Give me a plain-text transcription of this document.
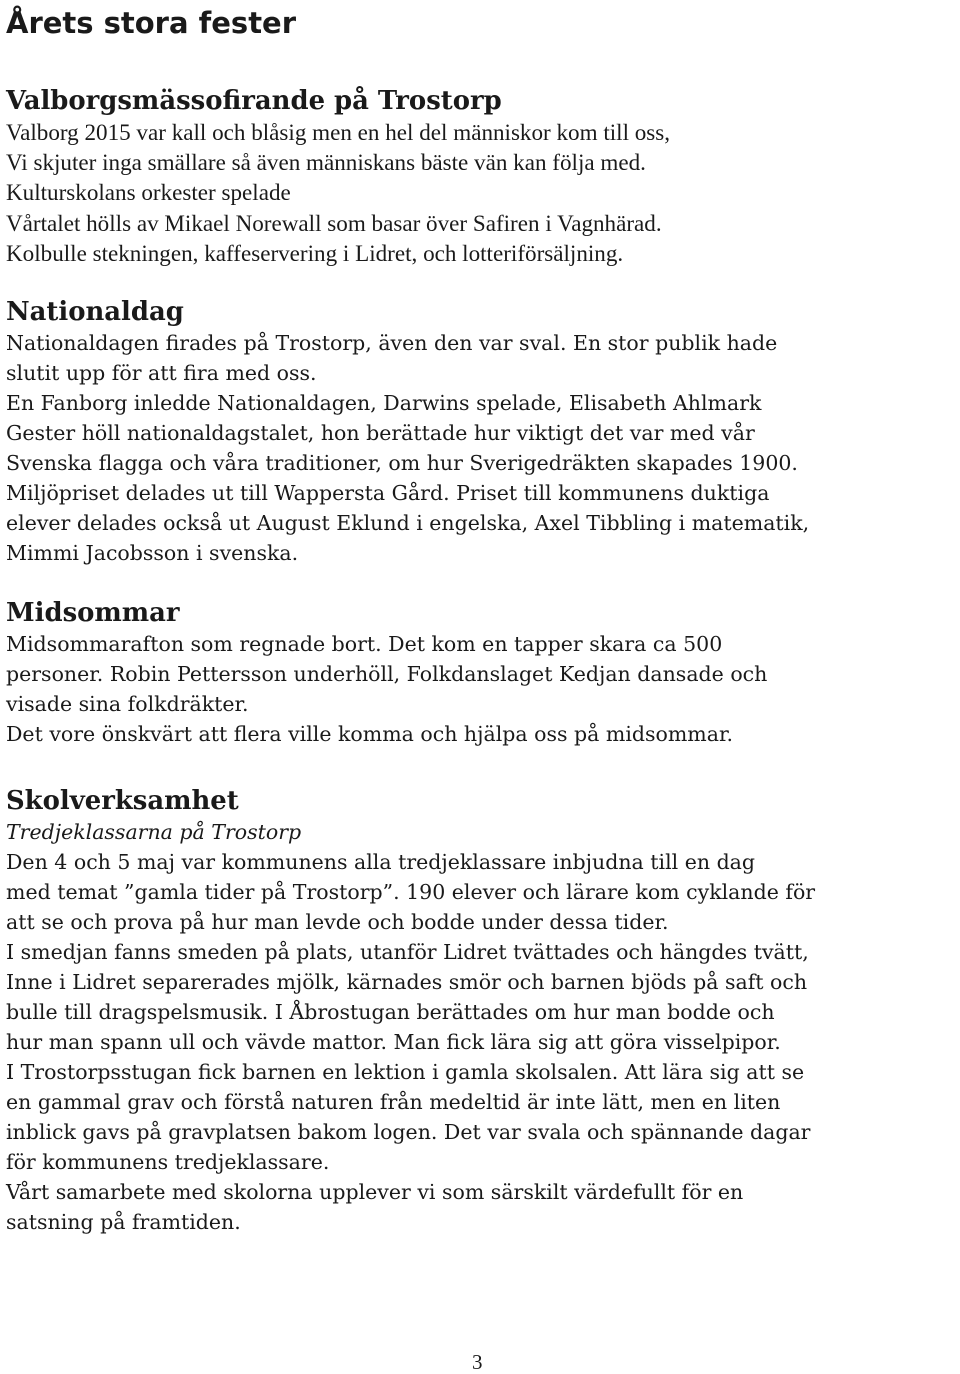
Årets stora fester
Valborgsmässofirande på Trostorp
Valborg 2015 var kall och blåsig men en hel del människor kom till oss,
Vi skjuter inga smällare så även människans bäste vän kan följa med.
Kulturskolans orkester spelade
Vårtalet hölls av Mikael Norewall som basar över Safiren i Vagnhärad.
Kolbulle stekningen, kaffeservering i Lidret, och lotteriförsäljning.
Nationaldag
Nationaldagen firades på Trostorp, även den var sval. En stor publik hade
slutit upp för att fira med oss.
En Fanborg inledde Nationaldagen, Darwins spelade, Elisabeth Ahlmark
Gester höll nationaldagstalet, hon berättade hur viktigt det var med vår
Svenska flagga och våra traditioner, om hur Sverigedräkten skapades 1900.
Miljöpriset delades ut till Wappersta Gård. Priset till kommunens duktiga
elever delades också ut August Eklund i engelska, Axel Tibbling i matematik,
Mimmi Jacobsson i svenska.
Midsommar
Midsommarafton som regnade bort. Det kom en tapper skara ca 500
personer. Robin Pettersson underhöll, Folkdanslaget Kedjan dansade och
visade sina folkdräkter.
Det vore önskvärt att flera ville komma och hjälpa oss på midsommar.
Skolverksamhet
Tredjeklassarna på Trostorp
Den 4 och 5 maj var kommunens alla tredjeklassare inbjudna till en dag
med temat ”gamla tider på Trostorp”. 190 elever och lärare kom cyklande för
att se och prova på hur man levde och bodde under dessa tider.
I smedjan fanns smeden på plats, utanför Lidret tvättades och hängdes tvätt,
Inne i Lidret separerades mjölk, kärnades smör och barnen bjöds på saft och
bulle till dragspelsmusik. I Åbrostugan berättades om hur man bodde och
hur man spann ull och vävde mattor. Man fick lära sig att göra visselpipor.
I Trostorpsstugan fick barnen en lektion i gamla skolsalen. Att lära sig att se
en gammal grav och förstå naturen från medeltid är inte lätt, men en liten
inblick gavs på gravplatsen bakom logen. Det var svala och spännande dagar
för kommunens tredjeklassare.
Vårt samarbete med skolorna upplever vi som särskilt värdefullt för en
satsning på framtiden.
3
